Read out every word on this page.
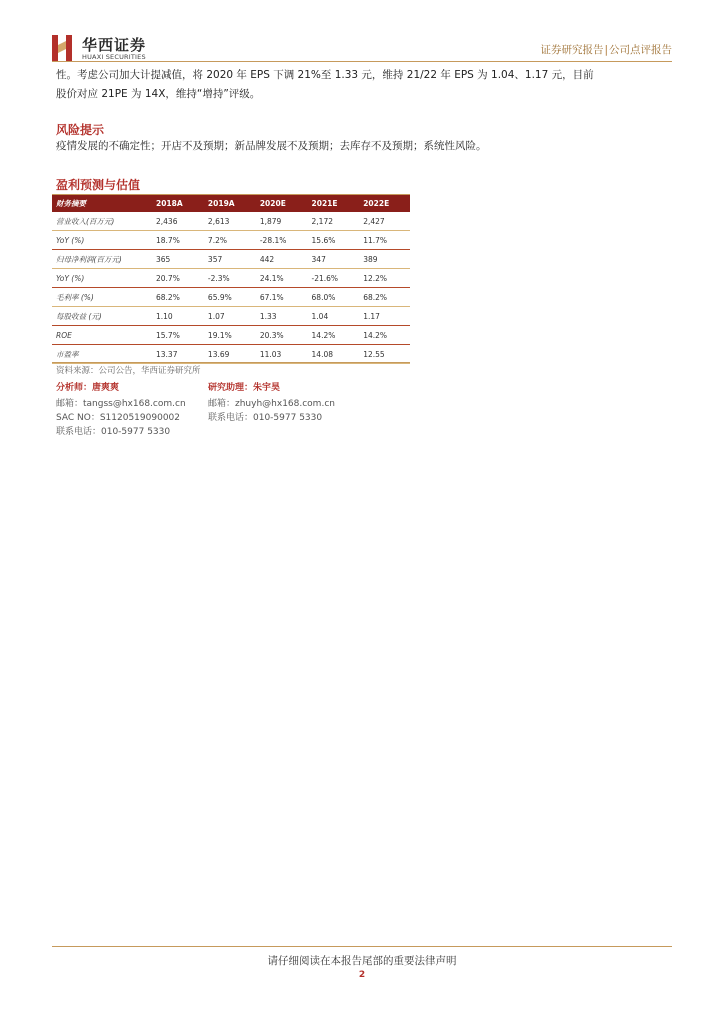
华西证券
HUAXI SECURITIES
证券研究报告|公司点评报告
性。考虑公司加大计提减值，将 2020 年 EPS 下调 21%至 1.33 元，维持 21/22 年 EPS 为 1.04、1.17 元，目前
股价对应 21PE 为 14X，维持“增持”评级。
风险提示
疫情发展的不确定性；开店不及预期；新品牌发展不及预期；去库存不及预期；系统性风险。
盈利预测与估值
财务摘要	2018A	2019A	2020E	2021E	2022E
营业收入(百万元)	2,436	2,613	1,879	2,172	2,427
YoY (%)	18.7%	7.2%	-28.1%	15.6%	11.7%
归母净利润(百万元)	365	357	442	347	389
YoY (%)	20.7%	-2.3%	24.1%	-21.6%	12.2%
毛利率 (%)	68.2%	65.9%	67.1%	68.0%	68.2%
每股收益 (元)	1.10	1.07	1.33	1.04	1.17
ROE	15.7%	19.1%	20.3%	14.2%	14.2%
市盈率	13.37	13.69	11.03	14.08	12.55
资料来源：公司公告，华西证券研究所
分析师：唐爽爽
邮箱：tangss@hx168.com.cn
SAC NO：S1120519090002
联系电话：010-5977 5330
研究助理：朱宇昊
邮箱：zhuyh@hx168.com.cn
联系电话：010-5977 5330
请仔细阅读在本报告尾部的重要法律声明
2
